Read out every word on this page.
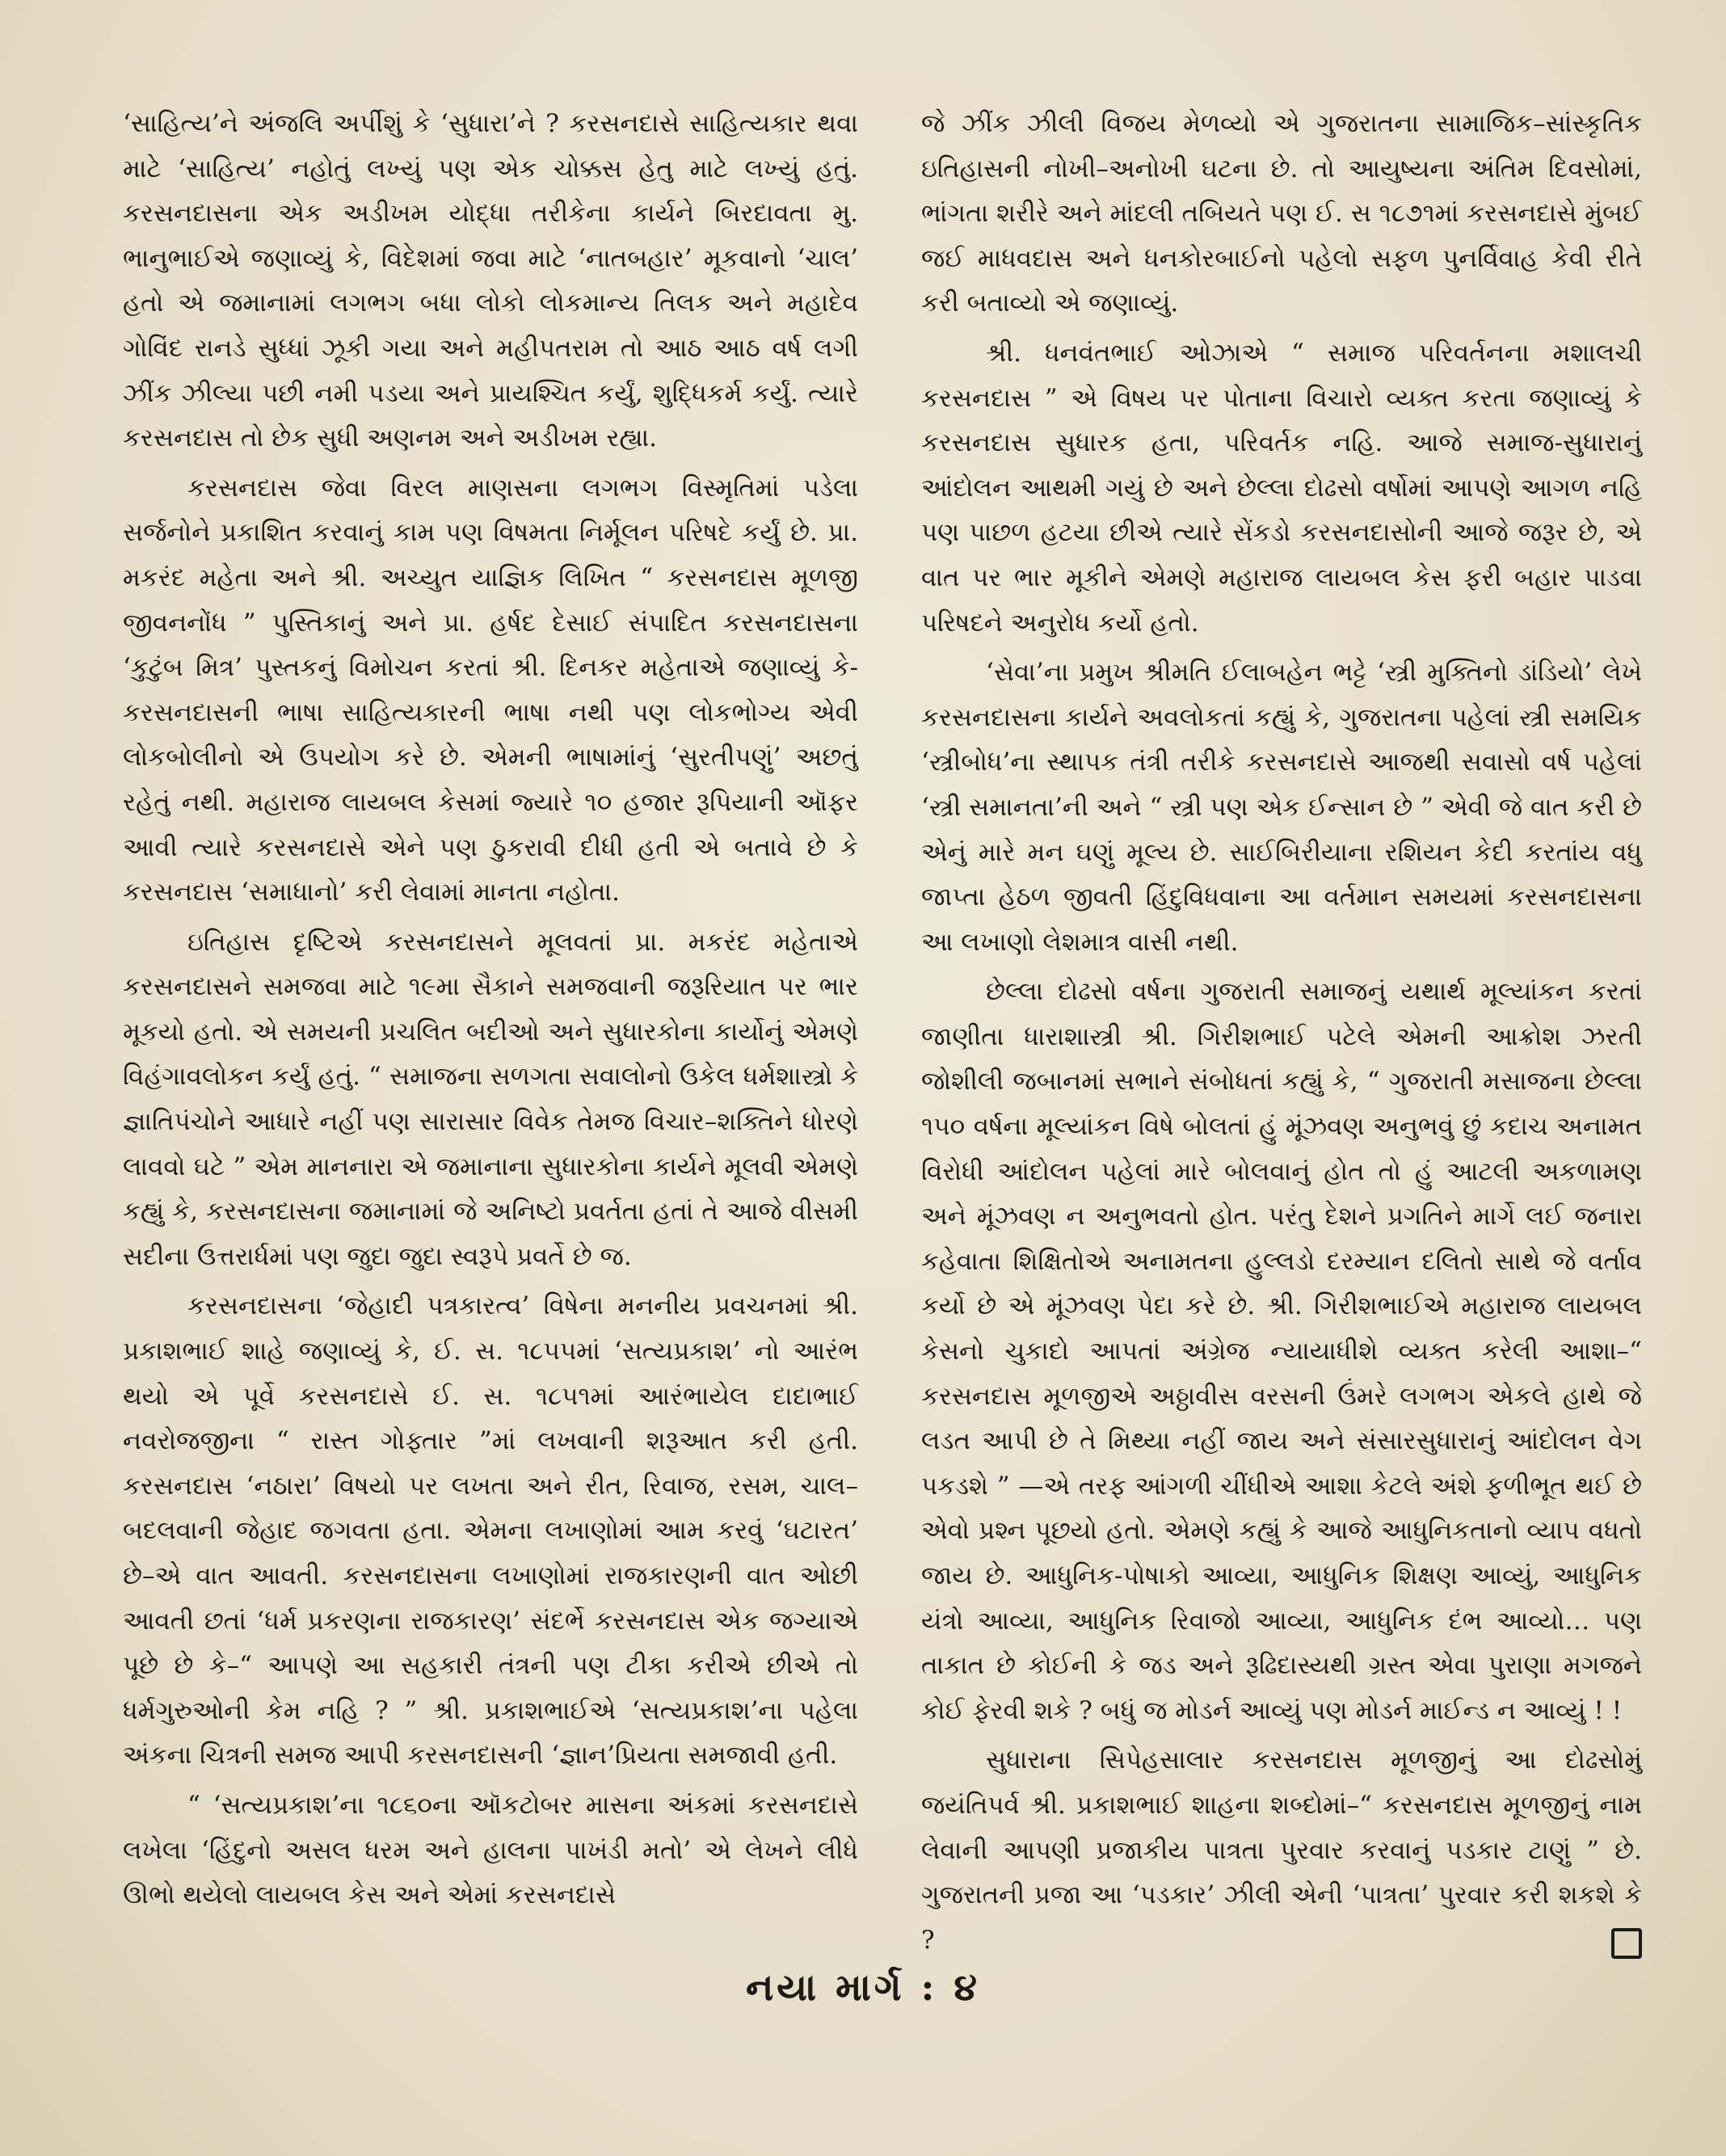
‘સાહિત્ય’ને અંજલિ અર્પીશું કે ‘સુધારા’ને ? કરસનદાસે સાહિત્યકાર થવા માટે ‘સાહિત્ય’ નહોતું લખ્યું પણ એક ચોક્કસ હેતુ માટે લખ્યું હતું. કરસનદાસના એક અડીખમ યોદ્ધા તરીકેના કાર્યને બિરદાવતા મુ. ભાનુભાઈએ જણાવ્યું કે, વિદેશમાં જવા માટે ‘નાતબહાર’ મૂકવાનો ‘ચાલ’ હતો એ જમાનામાં લગભગ બધા લોકો લોકમાન્ય તિલક અને મહાદેવ ગોવિંદ રાનડે સુધ્ધાં ઝૂકી ગયા અને મહીપતરામ તો આઠ આઠ વર્ષ લગી ઝીંક ઝીલ્યા પછી નમી પડયા અને પ્રાયશ્ચિત કર્યું, શુદ્ધિકર્મ કર્યું. ત્યારે કરસનદાસ તો છેક સુધી અણનમ અને અડીખમ રહ્યા.

કરસનદાસ જેવા વિરલ માણસના લગભગ વિસ્મૃતિમાં પડેલા સર્જનોને પ્રકાશિત કરવાનું કામ પણ વિષમતા નિર્મૂલન પરિષદે કર્યું છે. પ્રા. મકરંદ મહેતા અને શ્રી. અચ્યુત યાજ્ઞિક લિખિત “ કરસનદાસ મૂળજી જીવનનોંધ ” પુસ્તિકાનું અને પ્રા. હર્ષદ દેસાઈ સંપાદિત કરસનદાસના ‘કુટુંબ મિત્ર’ પુસ્તકનું વિમોચન કરતાં શ્રી. દિનકર મહેતાએ જણાવ્યું કે-કરસનદાસની ભાષા સાહિત્યકારની ભાષા નથી પણ લોકભોગ્ય એવી લોકબોલીનો એ ઉપયોગ કરે છે. એમની ભાષામાંનું ‘સુરતીપણું’ અછતું રહેતું નથી. મહારાજ લાયબલ કેસમાં જ્યારે ૧૦ હજાર રૂપિયાની ઑફર આવી ત્યારે કરસનદાસે એને પણ ઠુકરાવી દીધી હતી એ બતાવે છે કે કરસનદાસ ‘સમાધાનો’ કરી લેવામાં માનતા નહોતા.

ઇતિહાસ દૃષ્ટિએ કરસનદાસને મૂલવતાં પ્રા. મકરંદ મહેતાએ કરસનદાસને સમજવા માટે ૧૯મા સૈકાને સમજવાની જરૂરિયાત પર ભાર મૂકયો હતો. એ સમયની પ્રચલિત બદીઓ અને સુધારકોના કાર્યોનું એમણે વિહંગાવલોકન કર્યું હતું. “ સમાજના સળગતા સવાલોનો ઉકેલ ધર્મશાસ્ત્રો કે જ્ઞાતિપંચોને આધારે નહીં પણ સારાસાર વિવેક તેમજ વિચાર–શક્તિને ધોરણે લાવવો ઘટે ” એમ માનનારા એ જમાનાના સુધારકોના કાર્યને મૂલવી એમણે કહ્યું કે, કરસનદાસના જમાનામાં જે અનિષ્ટો પ્રવર્તતા હતાં તે આજે વીસમી સદીના ઉત્તરાર્ધમાં પણ જુદા જુદા સ્વરૂપે પ્રવર્તે છે જ.

કરસનદાસના ‘જેહાદી પત્રકારત્વ’ વિષેના મનનીય પ્રવચનમાં શ્રી. પ્રકાશભાઈ શાહે જણાવ્યું કે, ઈ. સ. ૧૮૫૫માં ‘સત્યપ્રકાશ’ નો આરંભ થયો એ પૂર્વે કરસનદાસે ઈ. સ. ૧૮૫૧માં આરંભાયેલ દાદાભાઈ નવરોજજીના “ રાસ્ત ગોફ્તાર ”માં લખવાની શરૂઆત કરી હતી. કરસનદાસ ‘નઠારા’ વિષયો પર લખતા અને રીત, રિવાજ, રસમ, ચાલ–બદલવાની જેહાદ જગવતા હતા. એમના લખાણોમાં આમ કરવું ‘ઘટારત’ છે–એ વાત આવતી. કરસનદાસના લખાણોમાં રાજકારણની વાત ઓછી આવતી છતાં ‘ધર્મ પ્રકરણના રાજકારણ’ સંદર્ભે કરસનદાસ એક જગ્યાએ પૂછે છે કે–“ આપણે આ સહકારી તંત્રની પણ ટીકા કરીએ છીએ તો ધર્મગુરુઓની કેમ નહિ ? ” શ્રી. પ્રકાશભાઈએ ‘સત્યપ્રકાશ’ના પહેલા અંકના ચિત્રની સમજ આપી કરસનદાસની ‘જ્ઞાન’પ્રિયતા સમજાવી હતી.

“ ‘સત્યપ્રકાશ’ના ૧૮૬૦ના ઑકટોબર માસના અંકમાં કરસનદાસે લખેલા ‘હિંદુનો અસલ ધરમ અને હાલના પાખંડી મતો’ એ લેખને લીધે ઊભો થયેલો લાયબલ કેસ અને એમાં કરસનદાસે

જે ઝીંક ઝીલી વિજય મેળવ્યો એ ગુજરાતના સામાજિક–સાંસ્કૃતિક ઇતિહાસની નોખી–અનોખી ઘટના છે. તો આયુષ્યના અંતિમ દિવસોમાં, ભાંગતા શરીરે અને માંદલી તબિયતે પણ ઈ. સ ૧૮૭૧માં કરસનદાસે મુંબઈ જઈ માધવદાસ અને ધનકોરબાઈનો પહેલો સફળ પુનર્વિવાહ કેવી રીતે કરી બતાવ્યો એ જણાવ્યું.

શ્રી. ધનવંતભાઈ ઓઝાએ “ સમાજ પરિવર્તનના મશાલચી કરસનદાસ ” એ વિષય પર પોતાના વિચારો વ્યક્ત કરતા જણાવ્યું કે કરસનદાસ સુધારક હતા, પરિવર્તક નહિ. આજે સમાજ-સુધારાનું આંદોલન આથમી ગયું છે અને છેલ્લા દોઢસો વર્ષોમાં આપણે આગળ નહિ પણ પાછળ હટયા છીએ ત્યારે સેંકડો કરસનદાસોની આજે જરૂર છે, એ વાત પર ભાર મૂકીને એમણે મહારાજ લાયબલ કેસ ફરી બહાર પાડવા પરિષદને અનુરોધ કર્યો હતો.

‘સેવા’ના પ્રમુખ શ્રીમતિ ઈલાબહેન ભટ્ટે ‘સ્ત્રી મુક્તિનો ડાંડિયો’ લેખે કરસનદાસના કાર્યને અવલોકતાં કહ્યું કે, ગુજરાતના પહેલાં સ્ત્રી સમયિક ‘સ્ત્રીબોધ’ના સ્થાપક તંત્રી તરીકે કરસનદાસે આજથી સવાસો વર્ષ પહેલાં ‘સ્ત્રી સમાનતા’ની અને “ સ્ત્રી પણ એક ઈન્સાન છે ” એવી જે વાત કરી છે એનું મારે મન ઘણું મૂલ્ય છે. સાઈબિરીયાના રશિયન કેદી કરતાંય વધુ જાપ્તા હેઠળ જીવતી હિંદુવિધવાના આ વર્તમાન સમયમાં કરસનદાસના આ લખાણો લેશમાત્ર વાસી નથી.

છેલ્લા દોઢસો વર્ષના ગુજરાતી સમાજનું યથાર્થ મૂલ્યાંકન કરતાં જાણીતા ધારાશાસ્ત્રી શ્રી. ગિરીશભાઈ પટેલે એમની આક્રોશ ઝરતી જોશીલી જબાનમાં સભાને સંબોધતાં કહ્યું કે, “ ગુજરાતી મસાજના છેલ્લા ૧૫૦ વર્ષના મૂલ્યાંકન વિષે બોલતાં હું મૂંઝવણ અનુભવું છું કદાચ અનામત વિરોધી આંદોલન પહેલાં મારે બોલવાનું હોત તો હું આટલી અકળામણ અને મૂંઝવણ ન અનુભવતો હોત. પરંતુ દેશને પ્રગતિને માર્ગે લઈ જનારા કહેવાતા શિક્ષિતોએ અનામતના હુલ્લડો દરમ્યાન દલિતો સાથે જે વર્તાવ કર્યો છે એ મૂંઝવણ પેદા કરે છે. શ્રી. ગિરીશભાઈએ મહારાજ લાયબલ કેસનો ચુકાદો આપતાં અંગ્રેજ ન્યાયાધીશે વ્યક્ત કરેલી આશા–“ કરસનદાસ મૂળજીએ અઠ્ઠાવીસ વરસની ઉંમરે લગભગ એકલે હાથે જે લડત આપી છે તે મિથ્યા નહીં જાય અને સંસારસુધારાનું આંદોલન વેગ પકડશે ” —એ તરફ આંગળી ચીંધીએ આશા કેટલે અંશે ફળીભૂત થઈ છે એવો પ્રશ્ન પૂછયો હતો. એમણે કહ્યું કે આજે આધુનિકતાનો વ્યાપ વધતો જાય છે. આધુનિક-પોષાકો આવ્યા, આધુનિક શિક્ષણ આવ્યું, આધુનિક યંત્રો આવ્યા, આધુનિક રિવાજો આવ્યા, આધુનિક દંભ આવ્યો… પણ તાકાત છે કોઈની કે જડ અને રૂઢિદાસ્યથી ગ્રસ્ત એવા પુરાણા મગજને કોઈ ફેરવી શકે ? બધું જ મોડર્ન આવ્યું પણ મોડર્ન માઈન્ડ ન આવ્યું ! !

સુધારાના સિપેહસાલાર કરસનદાસ મૂળજીનું આ દોઢસોમું જયંતિપર્વ શ્રી. પ્રકાશભાઈ શાહના શબ્દોમાં–“ કરસનદાસ મૂળજીનું નામ લેવાની આપણી પ્રજાકીય પાત્રતા પુરવાર કરવાનું પડકાર ટાણું ” છે. ગુજરાતની પ્રજા આ ‘પડકાર’ ઝીલી એની ‘પાત્રતા’ પુરવાર કરી શકશે કે ?

નયા માર્ગ : ૪
